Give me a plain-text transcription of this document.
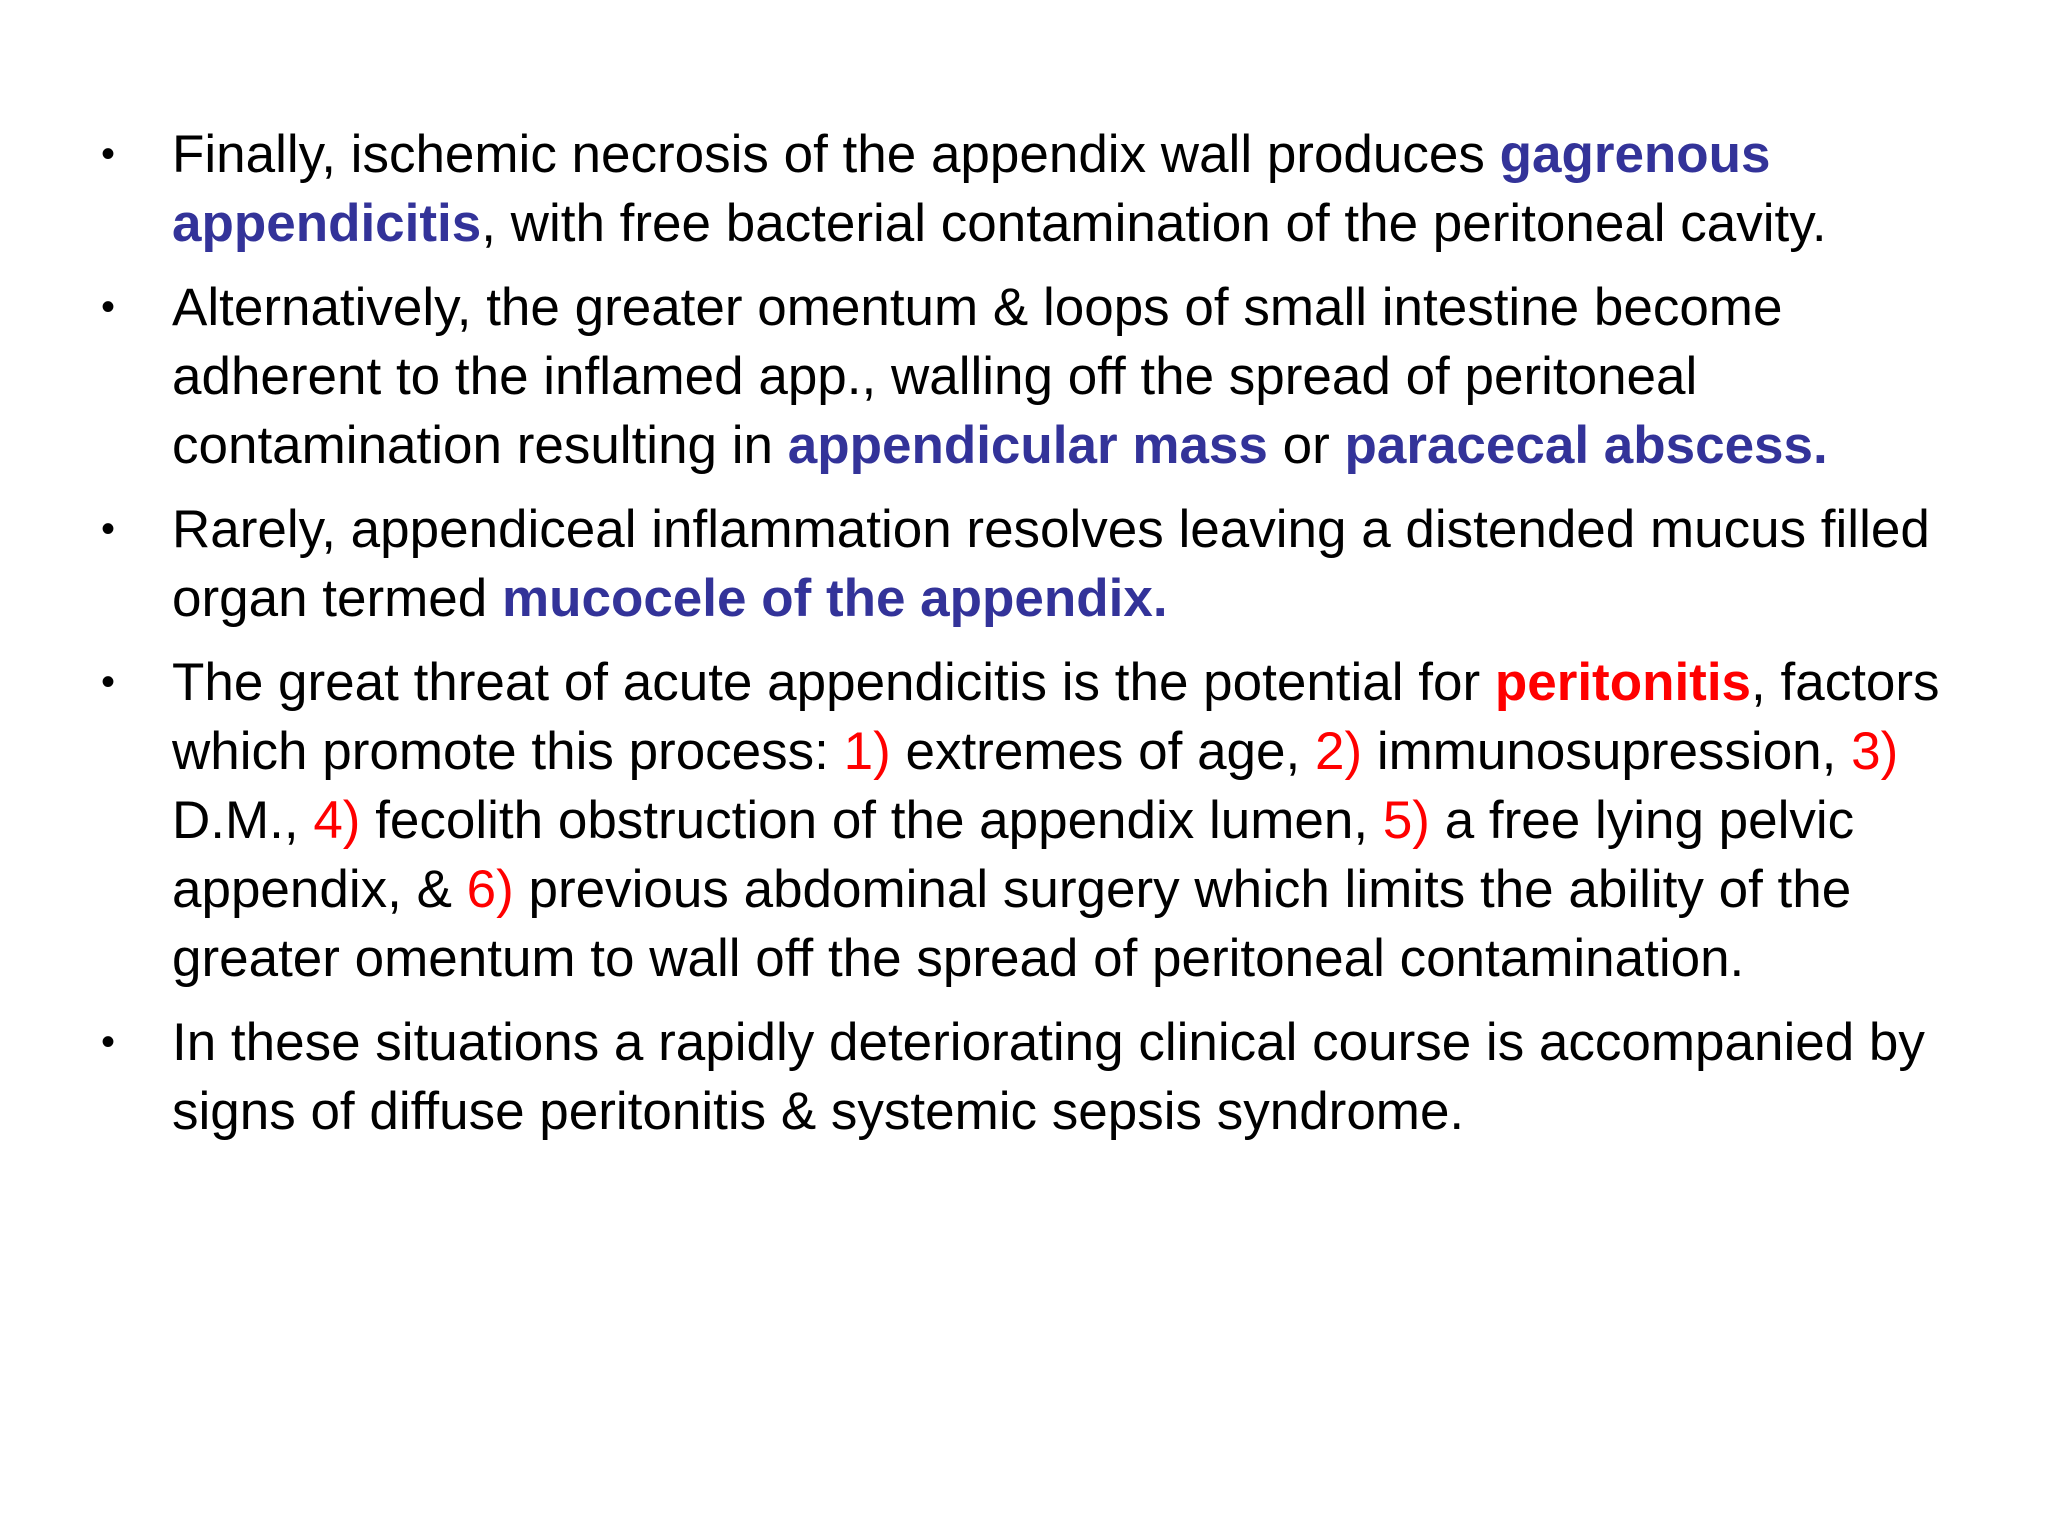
• Finally, ischemic necrosis of the appendix wall produces gagrenous appendicitis, with free bacterial contamination of the peritoneal cavity.
• Alternatively, the greater omentum & loops of small intestine become adherent to the inflamed app., walling off the spread of peritoneal contamination resulting in appendicular mass or paracecal abscess.
• Rarely, appendiceal inflammation resolves leaving a distended mucus filled organ termed mucocele of the appendix.
• The great threat of acute appendicitis is the potential for peritonitis, factors which promote this process: 1) extremes of age, 2) immunosupression, 3) D.M., 4) fecolith obstruction of the appendix lumen, 5) a free lying pelvic appendix, & 6) previous abdominal surgery which limits the ability of the greater omentum to wall off the spread of peritoneal contamination.
• In these situations a rapidly deteriorating clinical course is accompanied by signs of diffuse peritonitis & systemic sepsis syndrome.
